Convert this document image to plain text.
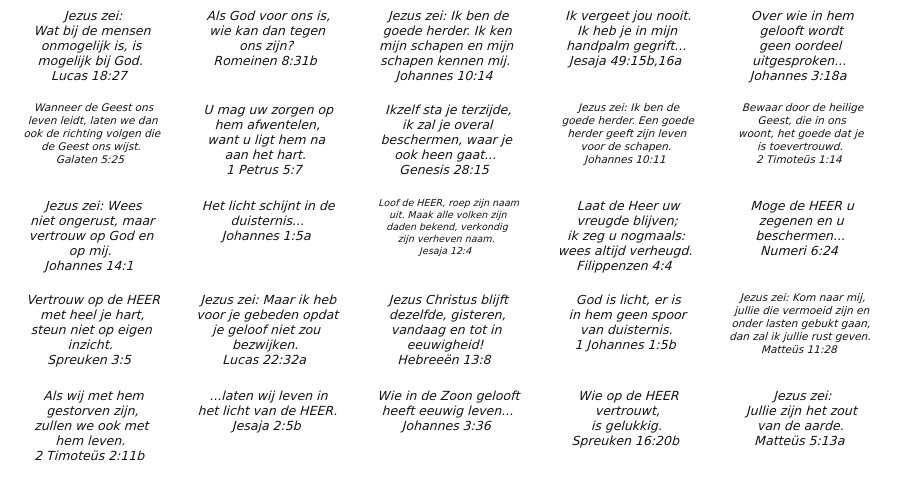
Jezus zei:
Wat bij de mensen
onmogelijk is, is
mogelijk bij God.
Lucas 18:27
Als God voor ons is,
wie kan dan tegen
ons zijn?
Romeinen 8:31b
Jezus zei: Ik ben de
goede herder. Ik ken
mijn schapen en mijn
schapen kennen mij.
Johannes 10:14
Ik vergeet jou nooit.
Ik heb je in mijn
handpalm gegrift...
Jesaja 49:15b,16a
Over wie in hem
gelooft wordt
geen oordeel
uitgesproken...
Johannes 3:18a
Wanneer de Geest ons
leven leidt, laten we dan
ook de richting volgen die
de Geest ons wijst.
Galaten 5:25
U mag uw zorgen op
hem afwentelen,
want u ligt hem na
aan het hart.
1 Petrus 5:7
Ikzelf sta je terzijde,
ik zal je overal
beschermen, waar je
ook heen gaat...
Genesis 28:15
Jezus zei: Ik ben de
goede herder. Een goede
herder geeft zijn leven
voor de schapen.
Johannes 10:11
Bewaar door de heilige
Geest, die in ons
woont, het goede dat je
is toevertrouwd.
2 Timoteüs 1:14
Jezus zei: Wees
niet ongerust, maar
vertrouw op God en
op mij.
Johannes 14:1
Het licht schijnt in de
duisternis...
Johannes 1:5a
Loof de HEER, roep zijn naam
uit. Maak alle volken zijn
daden bekend, verkondig
zijn verheven naam.
Jesaja 12:4
Laat de Heer uw
vreugde blijven;
ik zeg u nogmaals:
wees altijd verheugd.
Filippenzen 4:4
Moge de HEER u
zegenen en u
beschermen...
Numeri 6:24
Vertrouw op de HEER
met heel je hart,
steun niet op eigen
inzicht.
Spreuken 3:5
Jezus zei: Maar ik heb
voor je gebeden opdat
je geloof niet zou
bezwijken.
Lucas 22:32a
Jezus Christus blijft
dezelfde, gisteren,
vandaag en tot in
eeuwigheid!
Hebreeën 13:8
God is licht, er is
in hem geen spoor
van duisternis.
1 Johannes 1:5b
Jezus zei: Kom naar mij,
jullie die vermoeid zijn en
onder lasten gebukt gaan,
dan zal ik jullie rust geven.
Matteüs 11:28
Als wij met hem
gestorven zijn,
zullen we ook met
hem leven.
2 Timoteüs 2:11b
...laten wij leven in
het licht van de HEER.
Jesaja 2:5b
Wie in de Zoon gelooft
heeft eeuwig leven...
Johannes 3:36
Wie op de HEER
vertrouwt,
is gelukkig.
Spreuken 16:20b
Jezus zei:
Jullie zijn het zout
van de aarde.
Matteüs 5:13a
